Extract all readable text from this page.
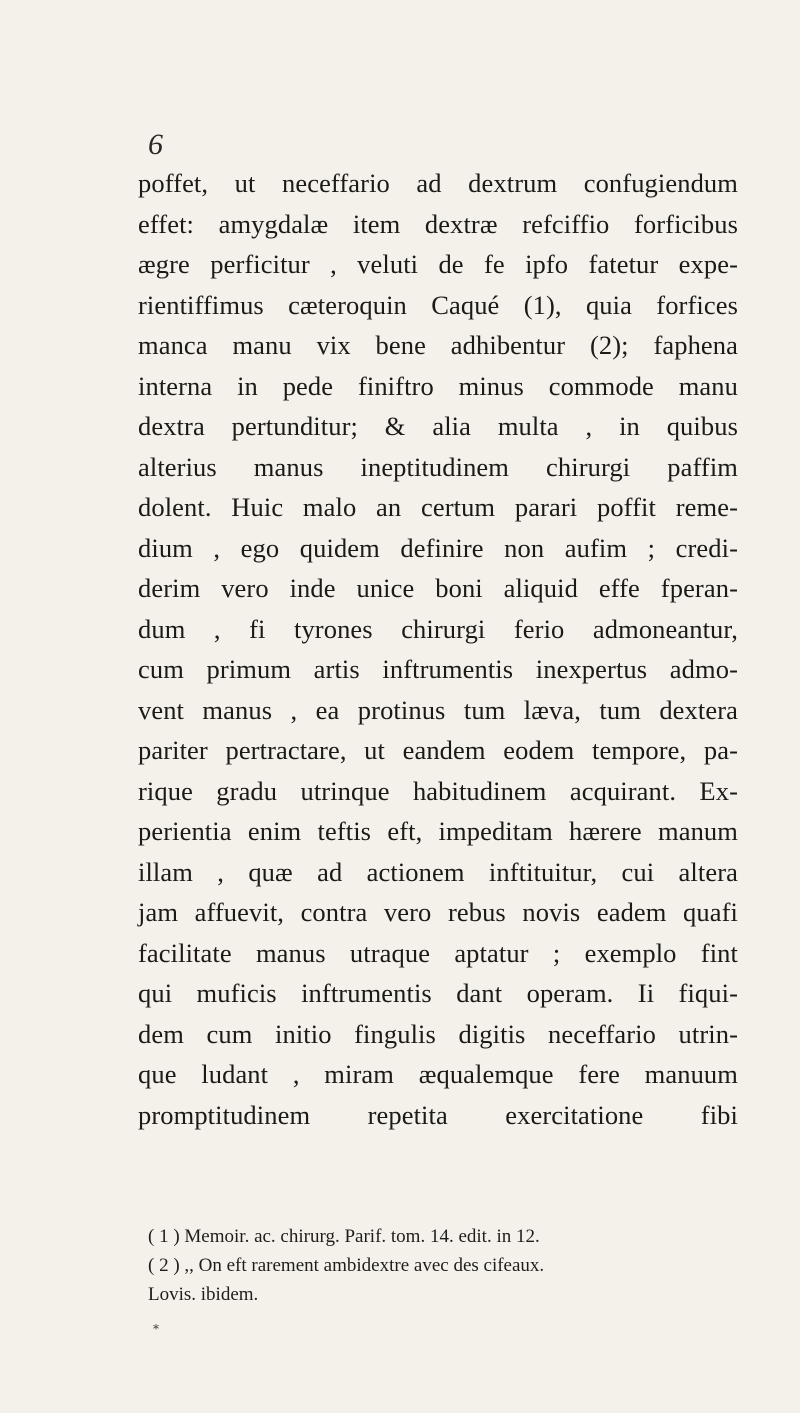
6
poffet, ut neceffario ad dextrum confugiendum
effet: amygdalæ item dextræ refciffio forficibus
ægre perficitur , veluti de fe ipfo fatetur expe-
rientiffimus cæteroquin Caqué (1), quia forfices
manca manu vix bene adhibentur (2); faphena
interna in pede finiftro minus commode manu
dextra pertunditur; & alia multa , in quibus
alterius manus ineptitudinem chirurgi paffim
dolent. Huic malo an certum parari poffit reme-
dium , ego quidem definire non aufim ; credi-
derim vero inde unice boni aliquid effe fperan-
dum , fi tyrones chirurgi ferio admoneantur,
cum primum artis inftrumentis inexpertus admo-
vent manus , ea protinus tum læva, tum dextera
pariter pertractare, ut eandem eodem tempore, pa-
rique gradu utrinque habitudinem acquirant. Ex-
perientia enim teftis eft, impeditam hærere manum
illam , quæ ad actionem inftituitur, cui altera
jam affuevit, contra vero rebus novis eadem quafi
facilitate manus utraque aptatur ; exemplo fint
qui muficis inftrumentis dant operam. Ii fiqui-
dem cum initio fingulis digitis neceffario utrin-
que ludant , miram æqualemque fere manuum
promptitudinem repetita exercitatione fibi
( 1 ) Memoir. ac. chirurg. Parif. tom. 14. edit. in 12.
( 2 ) ,, On eft rarement ambidextre avec des cifeaux.
Lovis. ibidem.
*
